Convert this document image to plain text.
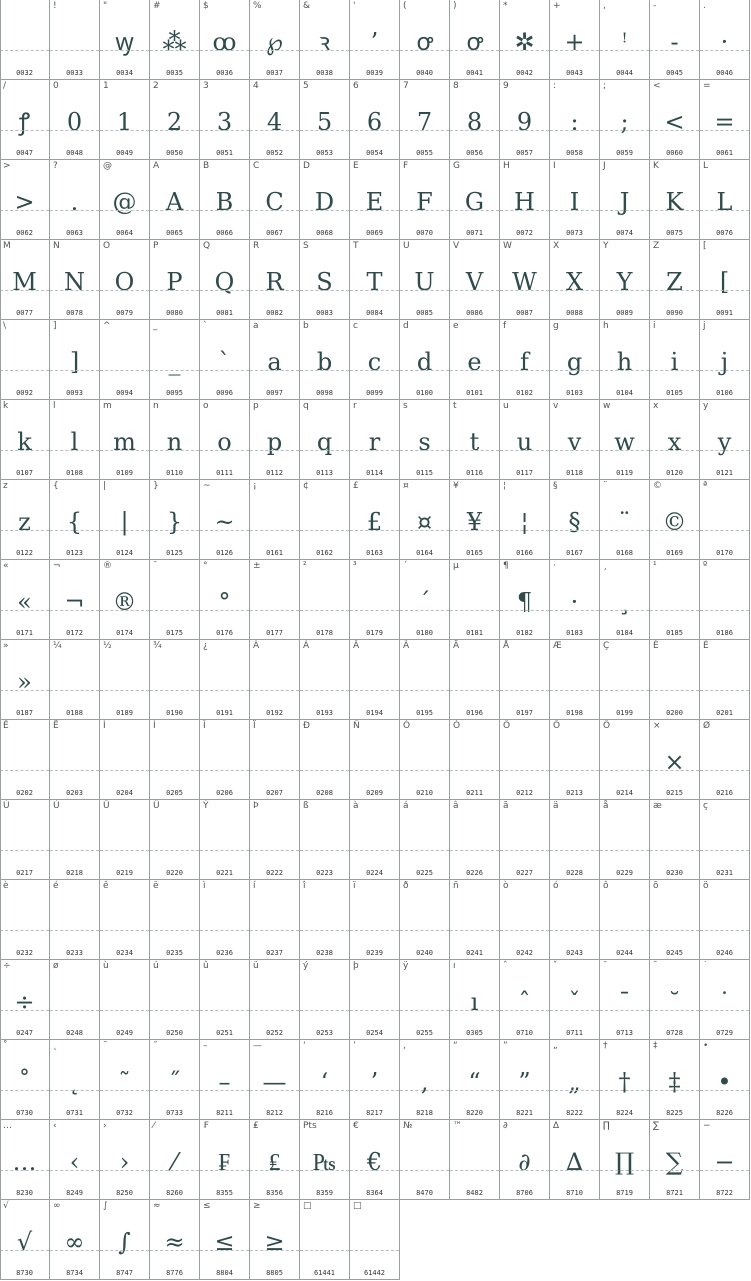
0032
!
0033
"
ꝡ
0034
#
⁂
0035
$
ꝏ
0036
%
℘
0037
&
ꝛ
0038
'
’
0039
(
ꝍ
0040
)
ꝍ
0041
*
✲
0042
+
+
0043
,
ꜝ
0044
-
-
0045
.
·
0046
/
ꝭ
0047
0
0
0048
1
1
0049
2
2
0050
3
3
0051
4
4
0052
5
5
0053
6
6
0054
7
7
0055
8
8
0056
9
9
0057
:
:
0058
;
;
0059
<
<
0060
=
=
0061
>
>
0062
?
.
0063
@
@
0064
A
A
0065
B
B
0066
C
C
0067
D
D
0068
E
E
0069
F
F
0070
G
G
0071
H
H
0072
I
I
0073
J
J
0074
K
K
0075
L
L
0076
M
M
0077
N
N
0078
O
O
0079
P
P
0080
Q
Q
0081
R
R
0082
S
S
0083
T
T
0084
U
U
0085
V
V
0086
W
W
0087
X
X
0088
Y
Y
0089
Z
Z
0090
[
[
0091
\
0092
]
]
0093
^
0094
_
_
0095
`
`
0096
a
a
0097
b
b
0098
c
c
0099
d
d
0100
e
e
0101
f
f
0102
g
g
0103
h
h
0104
i
i
0105
j
j
0106
k
k
0107
l
l
0108
m
m
0109
n
n
0110
o
o
0111
p
p
0112
q
q
0113
r
r
0114
s
s
0115
t
t
0116
u
u
0117
v
v
0118
w
w
0119
x
x
0120
y
y
0121
z
z
0122
{
{
0123
|
|
0124
}
}
0125
~
~
0126
¡
0161
¢
0162
£
£
0163
¤
¤
0164
¥
¥
0165
¦
¦
0166
§
§
0167
¨
¨
0168
©
©
0169
ª
0170
«
«
0171
¬
¬
0172
®
®
0174
¯
0175
°
°
0176
±
0177
²
0178
³
0179
´
´
0180
µ
0181
¶
¶
0182
·
·
0183
¸
¸
0184
¹
0185
º
0186
»
»
0187
¼
0188
½
0189
¾
0190
¿
0191
À
0192
Á
0193
Â
0194
Ã
0195
Ä
0196
Å
0197
Æ
0198
Ç
0199
È
0200
É
0201
Ê
0202
Ë
0203
Ì
0204
Í
0205
Î
0206
Ï
0207
Ð
0208
Ñ
0209
Ò
0210
Ó
0211
Ô
0212
Õ
0213
Ö
0214
×
×
0215
Ø
0216
Ù
0217
Ú
0218
Û
0219
Ü
0220
Ý
0221
Þ
0222
ß
0223
à
0224
á
0225
â
0226
ã
0227
ä
0228
å
0229
æ
0230
ç
0231
è
0232
é
0233
ê
0234
ë
0235
ì
0236
í
0237
î
0238
ï
0239
ð
0240
ñ
0241
ò
0242
ó
0243
ô
0244
õ
0245
ö
0246
÷
÷
0247
ø
0248
ù
0249
ú
0250
û
0251
ü
0252
ý
0253
þ
0254
ÿ
0255
ı
ı
0305
ˆ
ˆ
0710
ˇ
ˇ
0711
ˉ
ˉ
0713
˘
˘
0728
˙
˙
0729
˚
˚
0730
˛
˛
0731
˜
˜
0732
˝
˝
0733
–
–
8211
—
—
8212
‘
‘
8216
’
’
8217
‚
‚
8218
“
“
8220
”
”
8221
„
„
8222
†
†
8224
‡
‡
8225
•
•
8226
…
…
8230
‹
‹
8249
›
›
8250
⁄
⁄
8260
₣
₣
8355
₤
₤
8356
Pts
₧
8359
€
€
8364
№
8470
™
8482
∂
∂
8706
∆
∆
8710
∏
∏
8719
∑
∑
8721
−
−
8722
√
√
8730
∞
∞
8734
∫
∫
8747
≈
≈
8776
≤
≤
8804
≥
≥
8805
□
61441
□
61442
